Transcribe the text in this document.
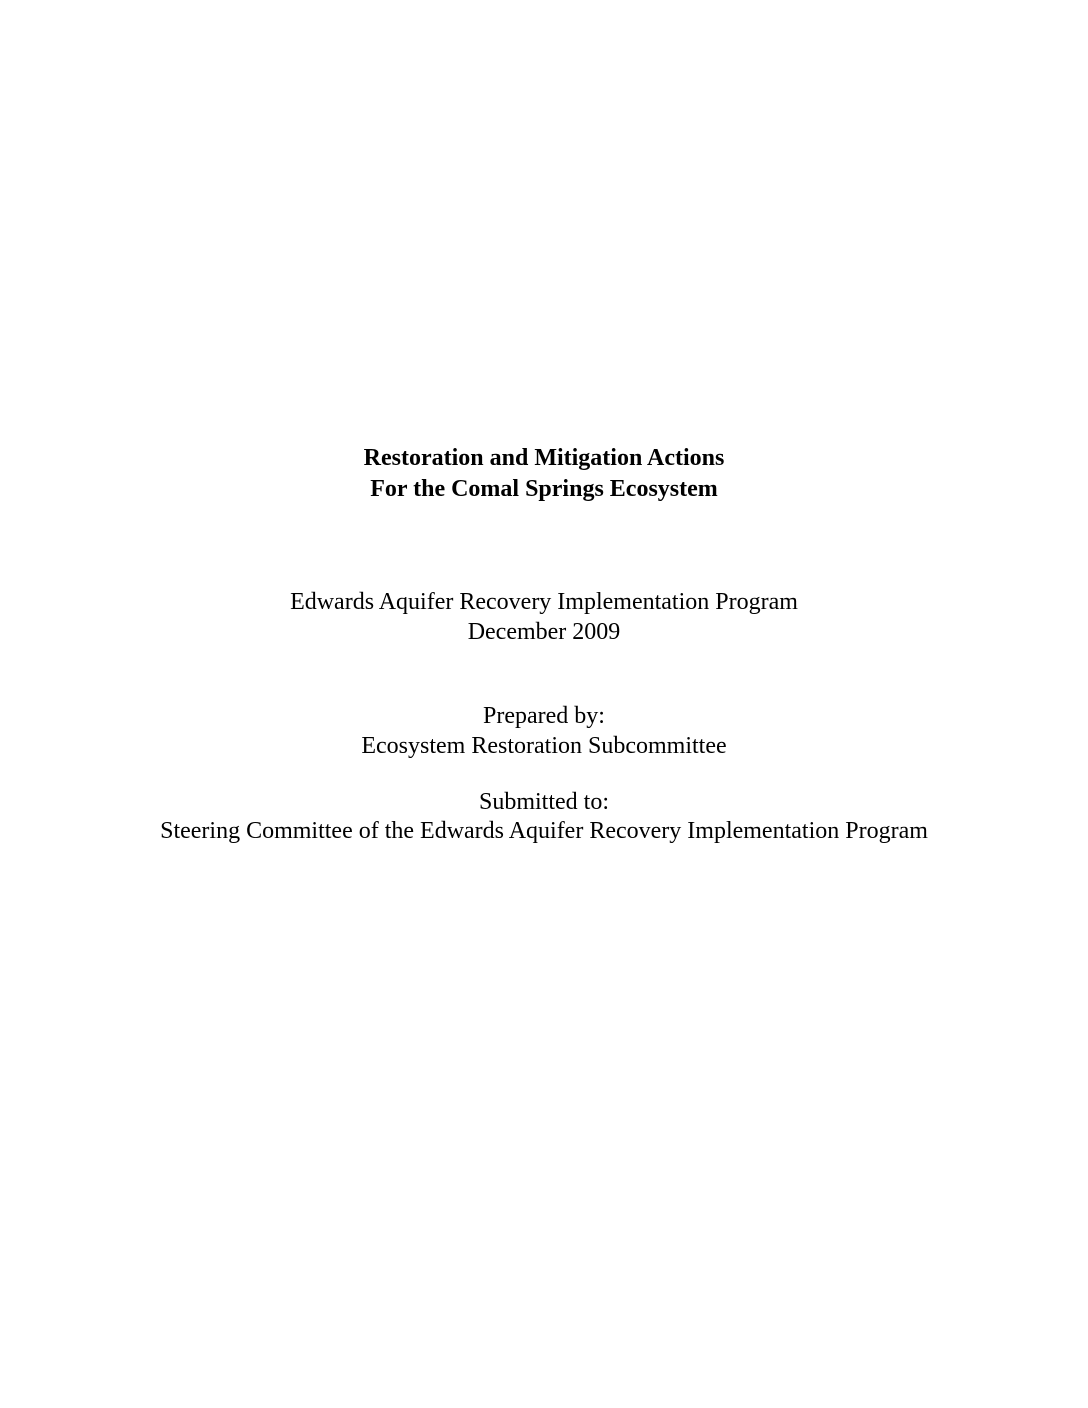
Restoration and Mitigation Actions
For the Comal Springs Ecosystem
Edwards Aquifer Recovery Implementation Program
December 2009
Prepared by:
Ecosystem Restoration Subcommittee
Submitted to:
Steering Committee of the Edwards Aquifer Recovery Implementation Program
